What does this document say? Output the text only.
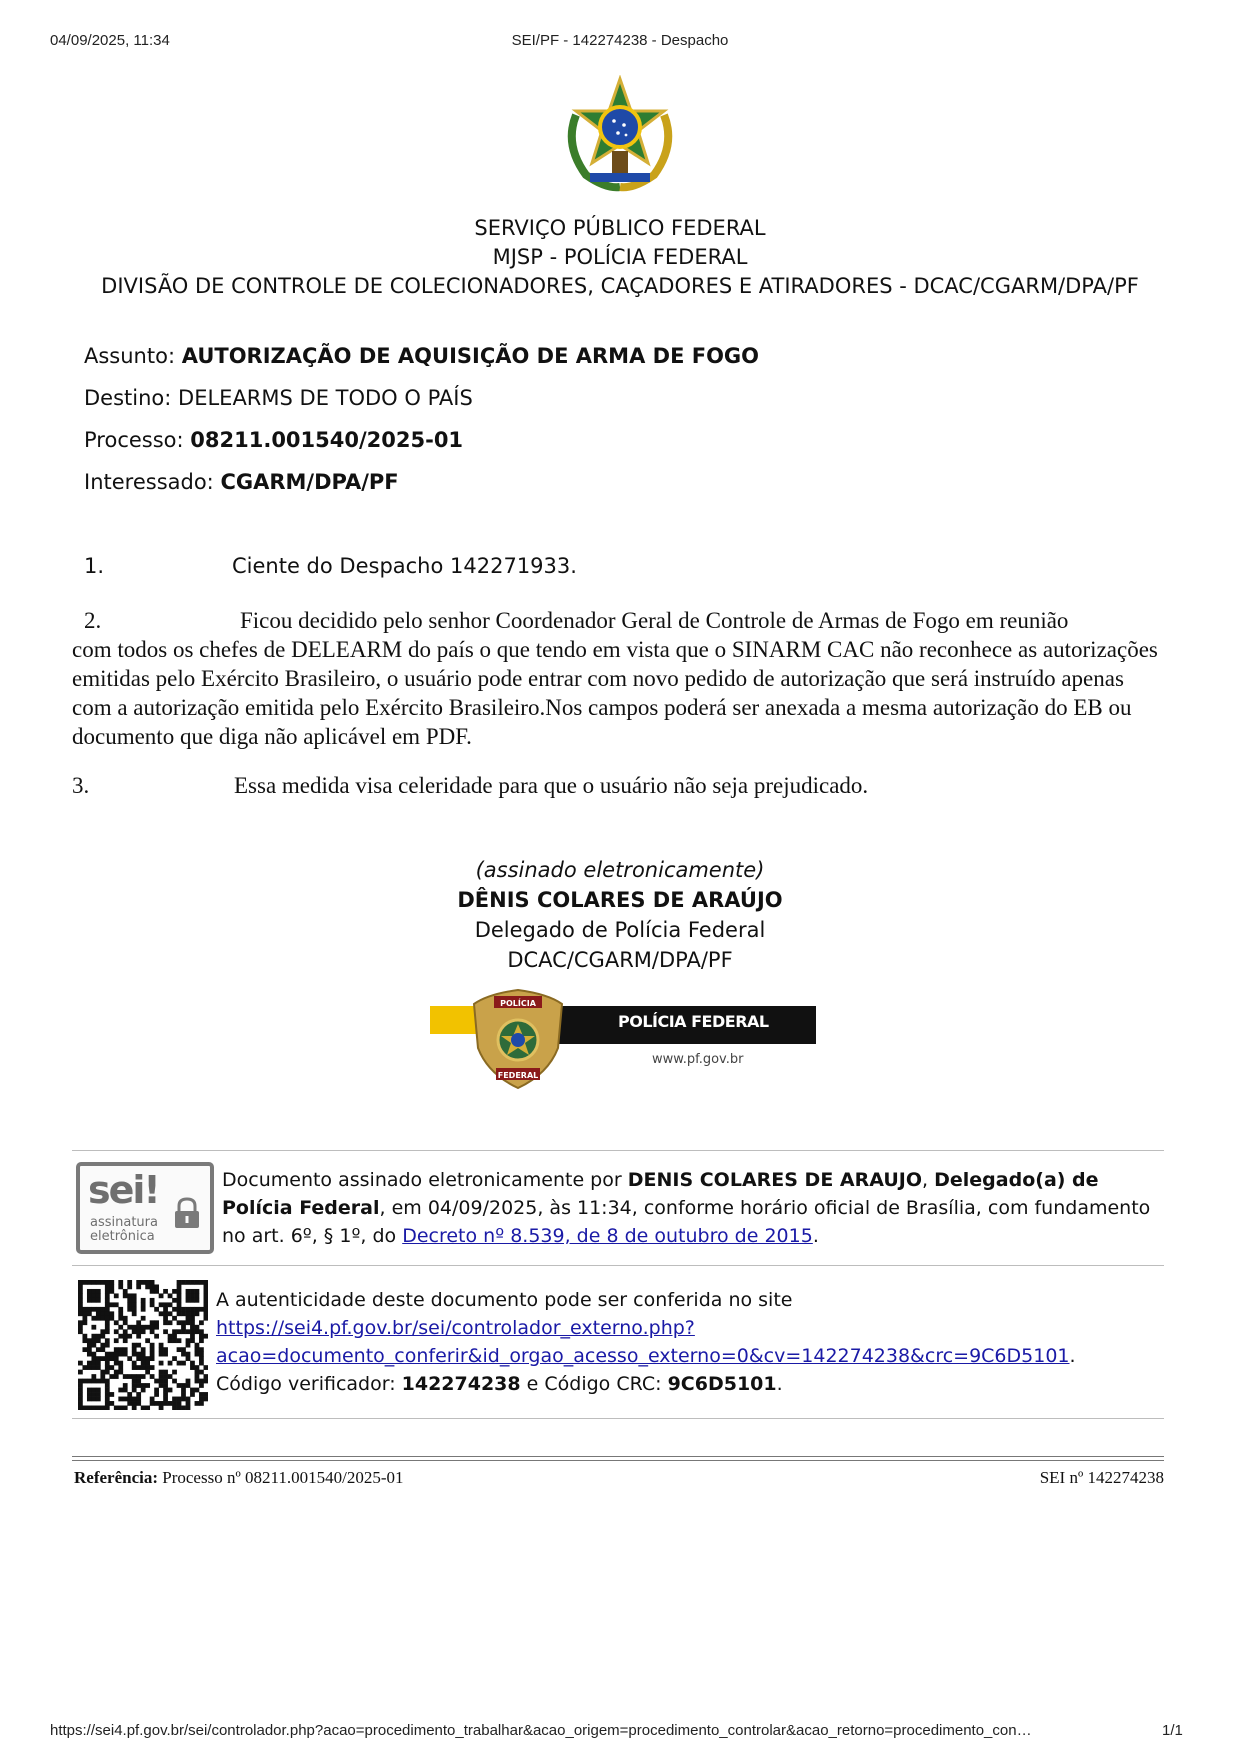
04/09/2025, 11:34	SEI/PF - 142274238 - Despacho
SERVIÇO PÚBLICO FEDERAL
MJSP - POLÍCIA FEDERAL
DIVISÃO DE CONTROLE DE COLECIONADORES, CAÇADORES E ATIRADORES - DCAC/CGARM/DPA/PF
Assunto: AUTORIZAÇÃO DE AQUISIÇÃO DE ARMA DE FOGO
Destino: DELEARMS DE TODO O PAÍS
Processo: 08211.001540/2025-01
Interessado: CGARM/DPA/PF
1.	Ciente do Despacho 142271933.
2.	Ficou decidido pelo senhor Coordenador Geral de Controle de Armas de Fogo em reunião
com todos os chefes de DELEARM do país o que tendo em vista que o SINARM CAC não reconhece as autorizações emitidas pelo Exército Brasileiro, o usuário pode entrar com novo pedido de autorização que será instruído apenas com a autorização emitida pelo Exército Brasileiro.Nos campos poderá ser anexada a mesma autorização do EB ou documento que diga não aplicável em PDF.
3.	Essa medida visa celeridade para que o usuário não seja prejudicado.
(assinado eletronicamente)
DÊNIS COLARES DE ARAÚJO
Delegado de Polícia Federal
DCAC/CGARM/DPA/PF
POLÍCIA FEDERAL
www.pf.gov.br
POLÍCIA
FEDERAL
sei!
assinatura
eletrônica
Documento assinado eletronicamente por DENIS COLARES DE ARAUJO, Delegado(a) de Polícia Federal, em 04/09/2025, às 11:34, conforme horário oficial de Brasília, com fundamento no art. 6º, § 1º, do Decreto nº 8.539, de 8 de outubro de 2015.
A autenticidade deste documento pode ser conferida no site
https://sei4.pf.gov.br/sei/controlador_externo.php?
acao=documento_conferir&id_orgao_acesso_externo=0&cv=142274238&crc=9C6D5101.
Código verificador: 142274238 e Código CRC: 9C6D5101.
Referência: Processo nº 08211.001540/2025-01	SEI nº 142274238
https://sei4.pf.gov.br/sei/controlador.php?acao=procedimento_trabalhar&acao_origem=procedimento_controlar&acao_retorno=procedimento_con…	1/1
